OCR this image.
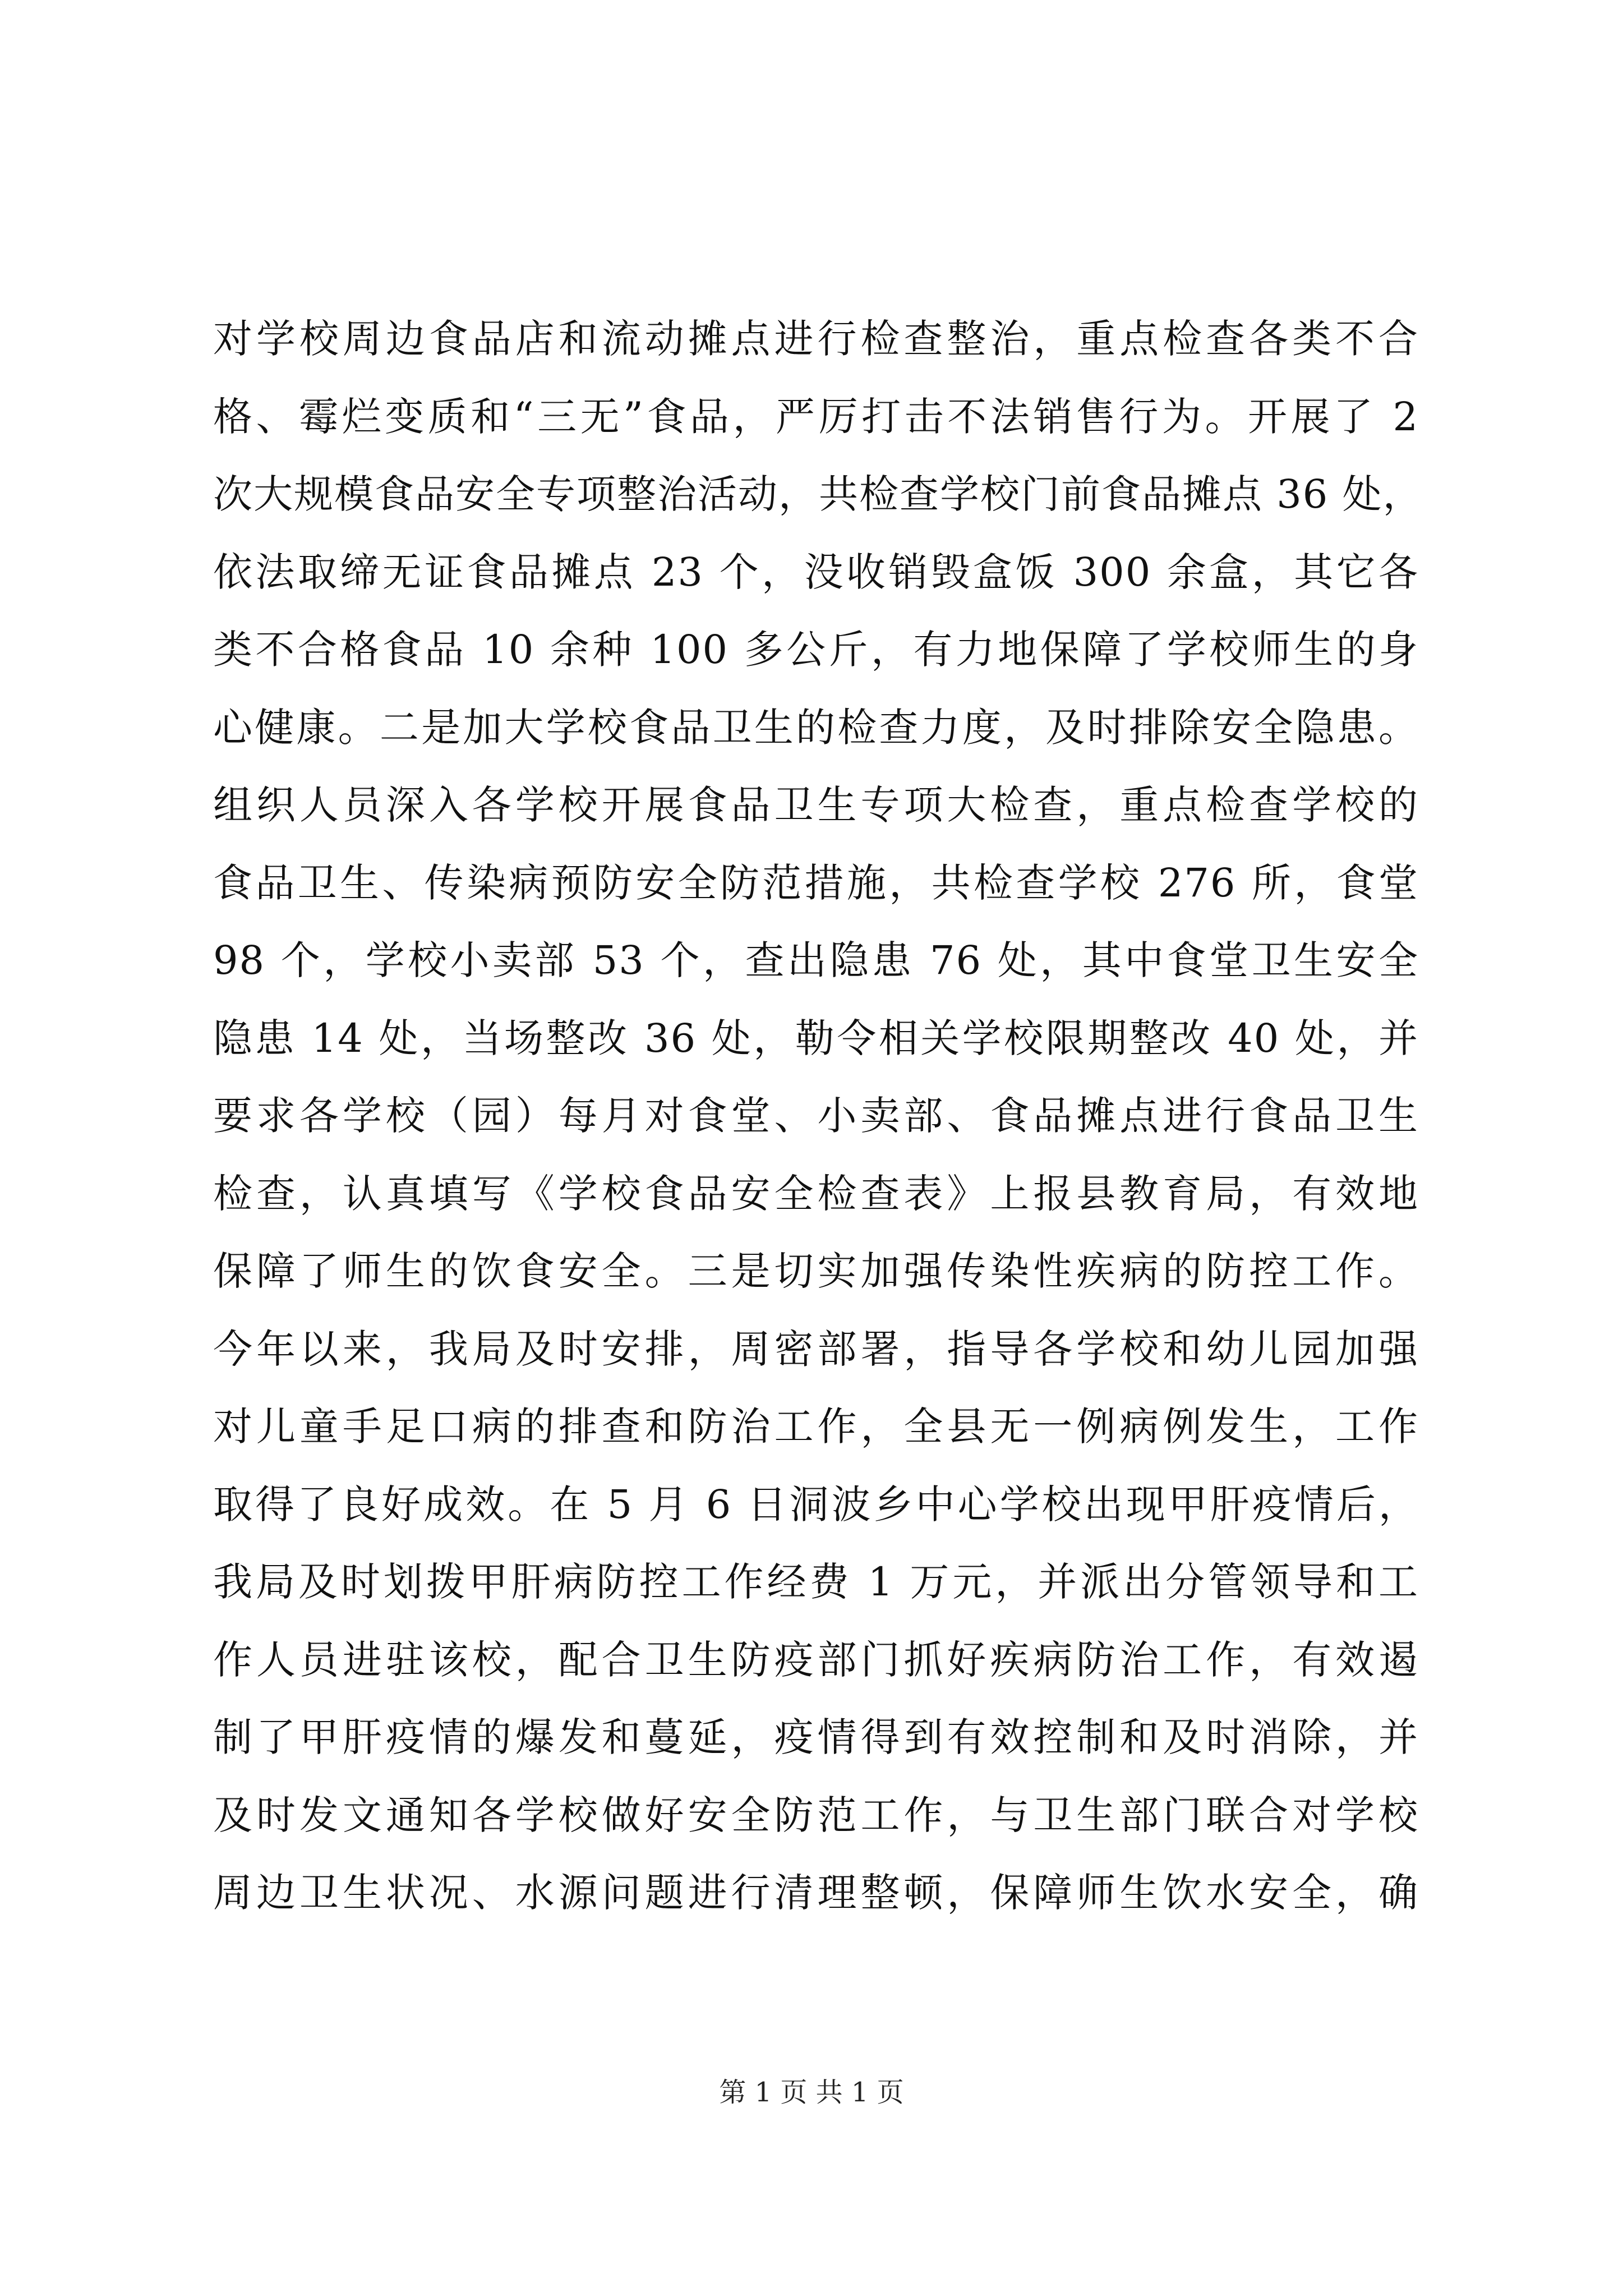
对学校周边食品店和流动摊点进行检查整治，重点检查各类不合
格、霉烂变质和“三无”食品，严厉打击不法销售行为。开展了 2
次大规模食品安全专项整治活动，共检查学校门前食品摊点 36 处，
依法取缔无证食品摊点 23 个，没收销毁盒饭 300 余盒，其它各
类不合格食品 10 余种 100 多公斤，有力地保障了学校师生的身
心健康。二是加大学校食品卫生的检查力度，及时排除安全隐患。
组织人员深入各学校开展食品卫生专项大检查，重点检查学校的
食品卫生、传染病预防安全防范措施，共检查学校 276 所，食堂
98 个，学校小卖部 53 个，查出隐患 76 处，其中食堂卫生安全
隐患 14 处，当场整改 36 处，勒令相关学校限期整改 40 处，并
要求各学校（园）每月对食堂、小卖部、食品摊点进行食品卫生
检查，认真填写《学校食品安全检查表》上报县教育局，有效地
保障了师生的饮食安全。三是切实加强传染性疾病的防控工作。
今年以来，我局及时安排，周密部署，指导各学校和幼儿园加强
对儿童手足口病的排查和防治工作，全县无一例病例发生，工作
取得了良好成效。在 5 月 6 日洞波乡中心学校出现甲肝疫情后，
我局及时划拨甲肝病防控工作经费 1 万元，并派出分管领导和工
作人员进驻该校，配合卫生防疫部门抓好疾病防治工作，有效遏
制了甲肝疫情的爆发和蔓延，疫情得到有效控制和及时消除，并
及时发文通知各学校做好安全防范工作，与卫生部门联合对学校
周边卫生状况、水源问题进行清理整顿，保障师生饮水安全，确
第 1 页 共 1 页
